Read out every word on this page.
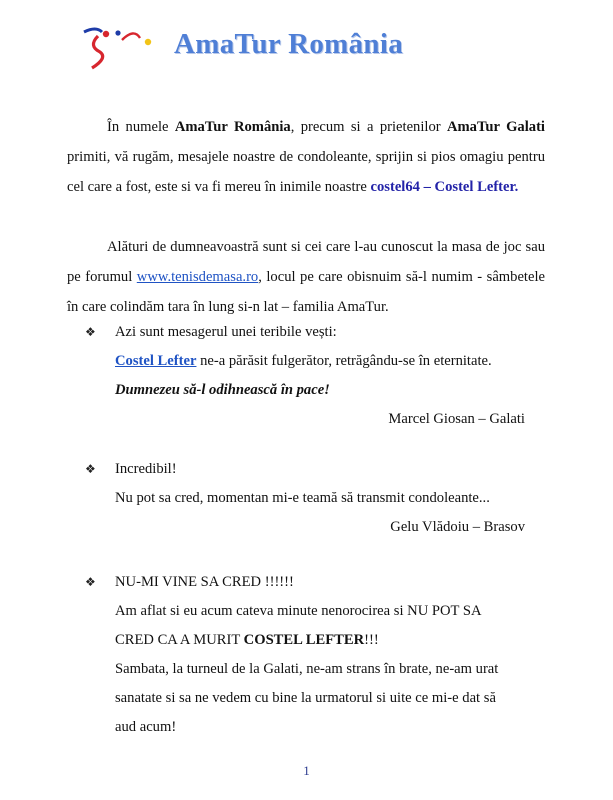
AmaTur România
În numele AmaTur România, precum si a prietenilor AmaTur Galati primiti, vă rugăm, mesajele noastre de condoleante, sprijin si pios omagiu pentru cel care a fost, este si va fi mereu în inimile noastre costel64 – Costel Lefter.
Alături de dumneavoastră sunt si cei care l-au cunoscut la masa de joc sau pe forumul www.tenisdemasa.ro, locul pe care obisnuim să-l numim - sâmbetele în care colindăm tara în lung si-n lat – familia AmaTur.
❖ Azi sunt mesagerul unei teribile vești:
Costel Lefter ne-a părăsit fulgerător, retrăgându-se în eternitate.
Dumnezeu să-l odihnească în pace!
Marcel Giosan – Galati
❖ Incredibil!
Nu pot sa cred, momentan mi-e teamă să transmit condoleante...
Gelu Vlădoiu – Brasov
❖ NU-MI VINE SA CRED !!!!!!
Am aflat si eu acum cateva minute nenorocirea si NU POT SA
CRED CA A MURIT COSTEL LEFTER!!!
Sambata, la turneul de la Galati, ne-am strans în brate, ne-am urat
sanatate si sa ne vedem cu bine la urmatorul si uite ce mi-e dat să
aud acum!
1
